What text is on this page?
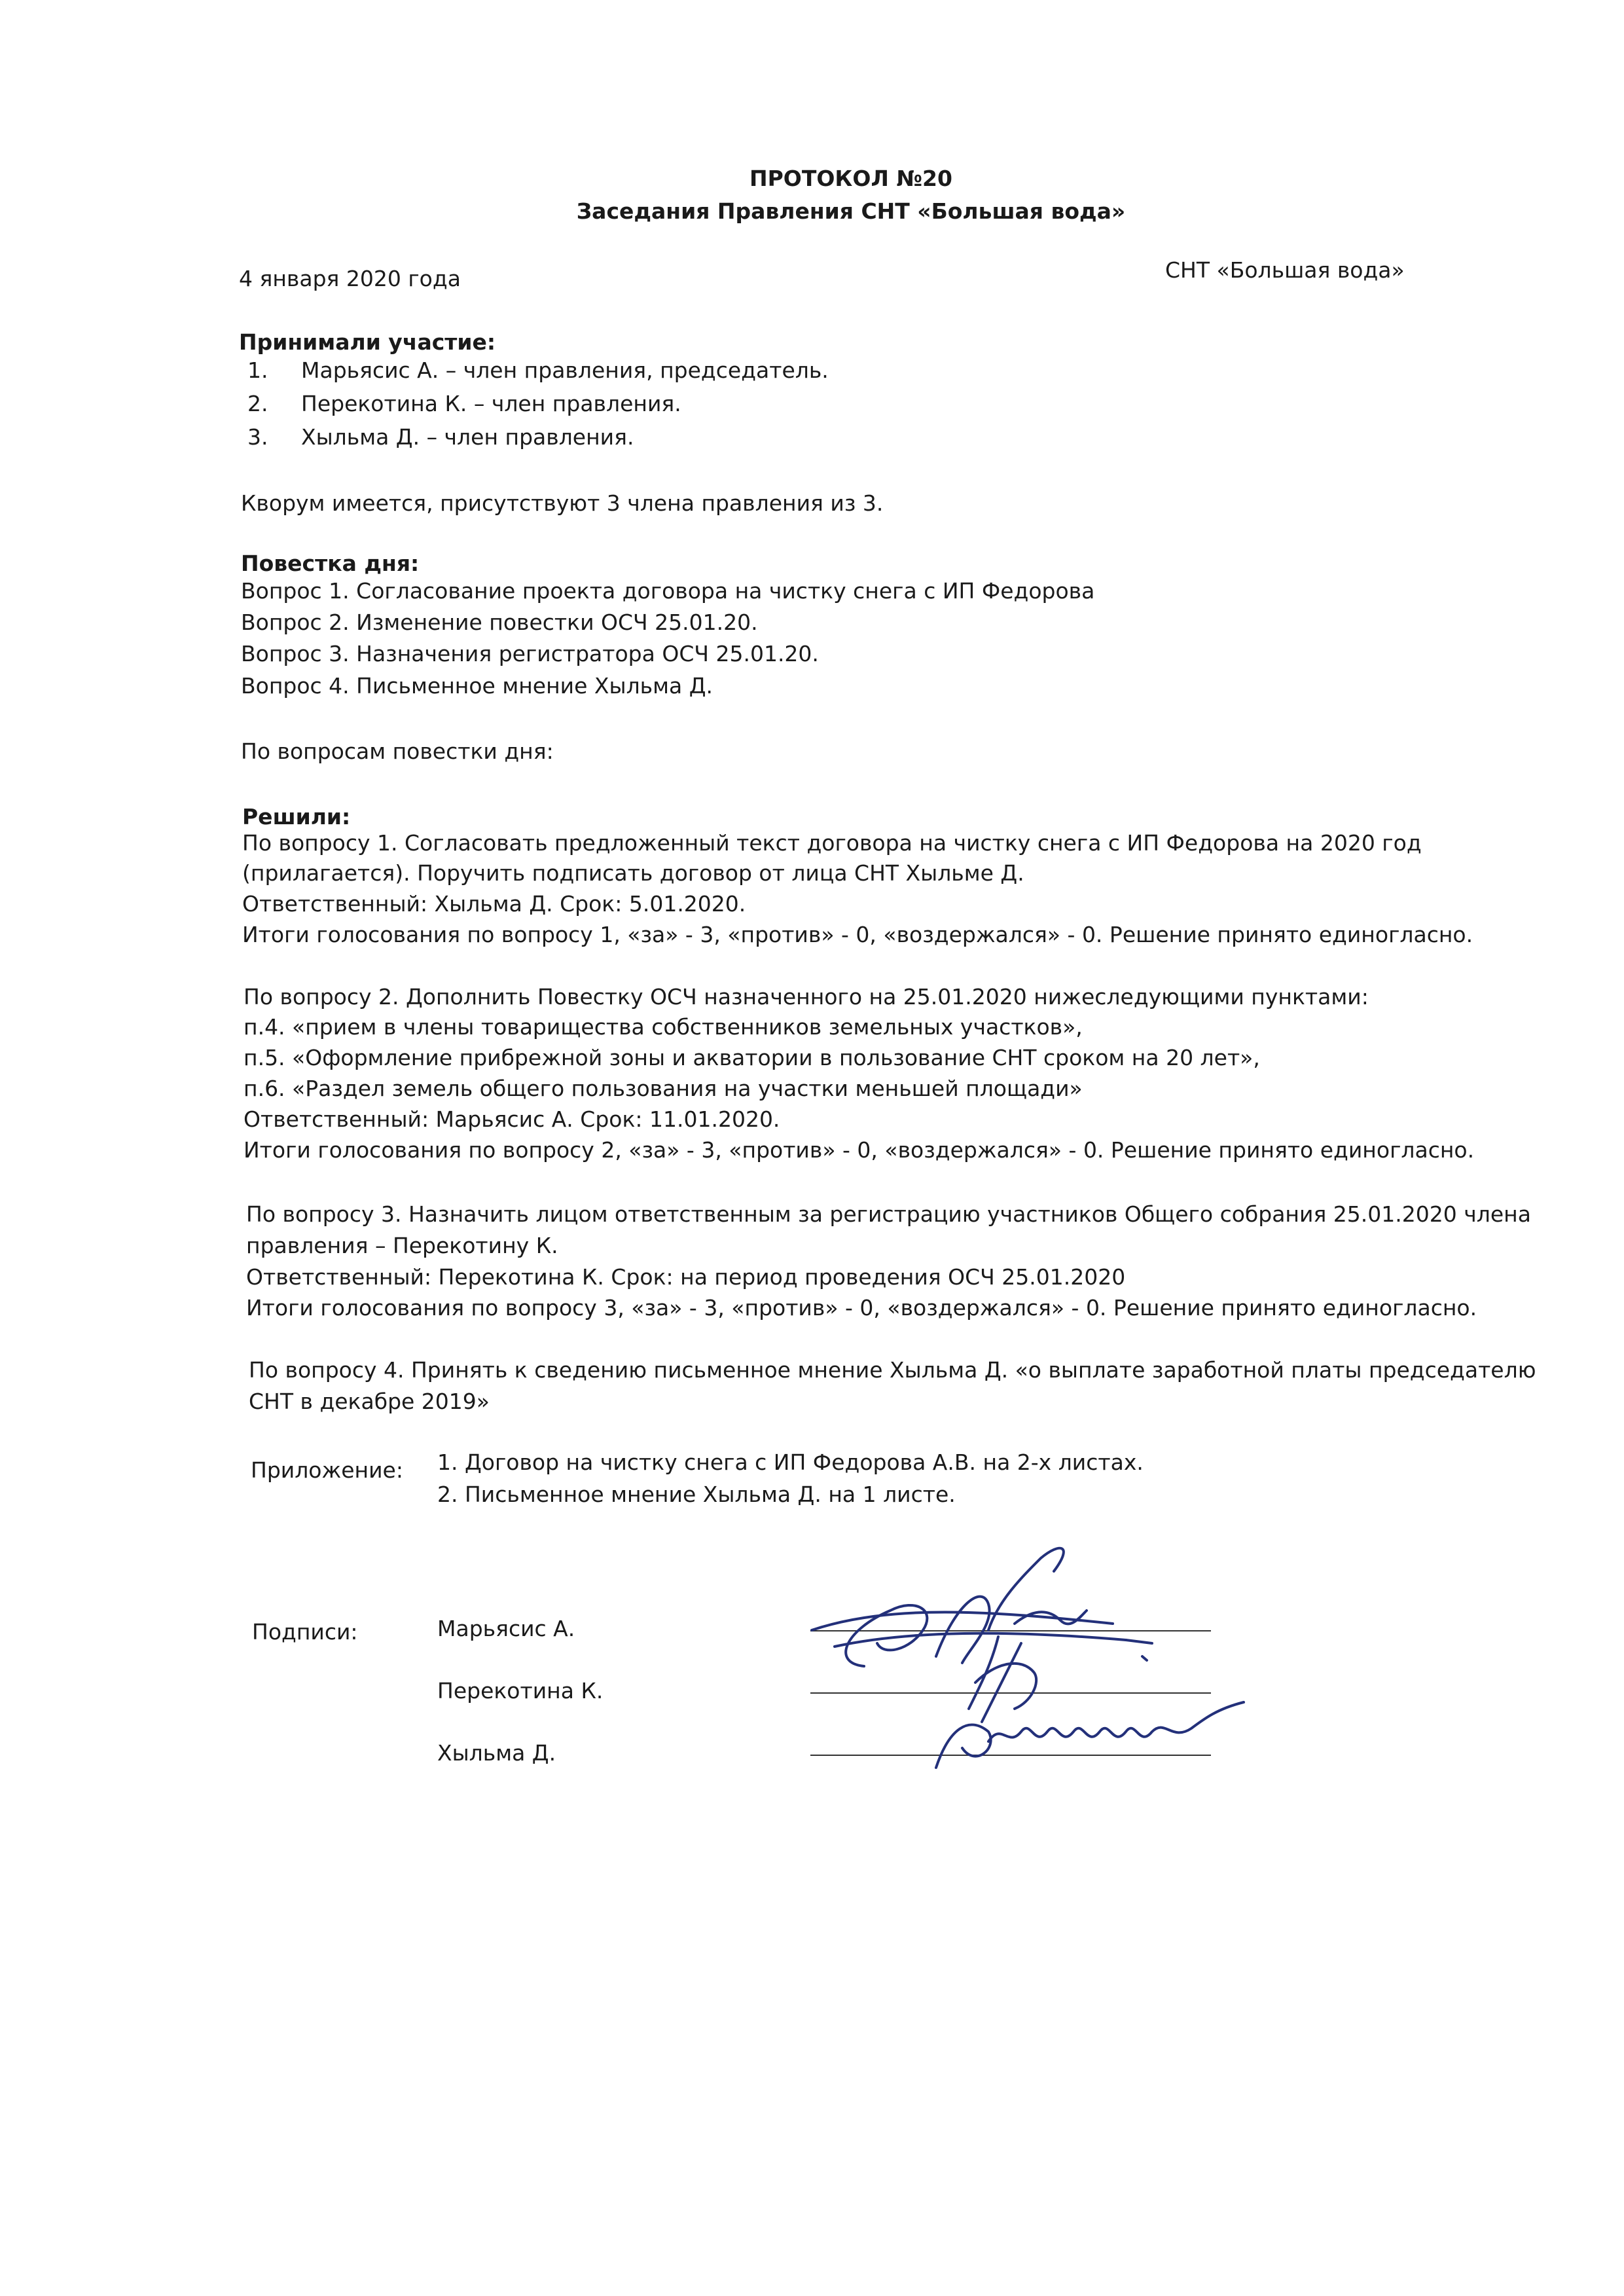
ПРОТОКОЛ №20
Заседания Правления СНТ «Большая вода»
4 января 2020 года	СНТ «Большая вода»
Принимали участие:
1. Марьясис А. – член правления, председатель.
2. Перекотина К. – член правления.
3. Хыльма Д. – член правления.
Кворум имеется, присутствуют 3 члена правления из 3.
Повестка дня:
Вопрос 1. Согласование проекта договора на чистку снега с ИП Федорова
Вопрос 2. Изменение повестки ОСЧ 25.01.20.
Вопрос 3. Назначения регистратора ОСЧ 25.01.20.
Вопрос 4. Письменное мнение Хыльма Д.
По вопросам повестки дня:
Решили:
По вопросу 1. Согласовать предложенный текст договора на чистку снега с ИП Федорова на 2020 год
(прилагается). Поручить подписать договор от лица СНТ Хыльме Д.
Ответственный: Хыльма Д. Срок: 5.01.2020.
Итоги голосования по вопросу 1, «за» - 3, «против» - 0, «воздержался» - 0. Решение принято единогласно.
По вопросу 2. Дополнить Повестку ОСЧ назначенного на 25.01.2020 нижеследующими пунктами:
п.4. «прием в члены товарищества собственников земельных участков»,
п.5. «Оформление прибрежной зоны и акватории в пользование СНТ сроком на 20 лет»,
п.6. «Раздел земель общего пользования на участки меньшей площади»
Ответственный: Марьясис А. Срок: 11.01.2020.
Итоги голосования по вопросу 2, «за» - 3, «против» - 0, «воздержался» - 0. Решение принято единогласно.
По вопросу 3. Назначить лицом ответственным за регистрацию участников Общего собрания 25.01.2020 члена
правления – Перекотину К.
Ответственный: Перекотина К. Срок: на период проведения ОСЧ 25.01.2020
Итоги голосования по вопросу 3, «за» - 3, «против» - 0, «воздержался» - 0. Решение принято единогласно.
По вопросу 4. Принять к сведению письменное мнение Хыльма Д. «о выплате заработной платы председателю
СНТ в декабре 2019»
Приложение: 1. Договор на чистку снега с ИП Федорова А.В. на 2-х листах.
2. Письменное мнение Хыльма Д. на 1 листе.
Подписи:	Марьясис А.
Перекотина К.
Хыльма Д.
